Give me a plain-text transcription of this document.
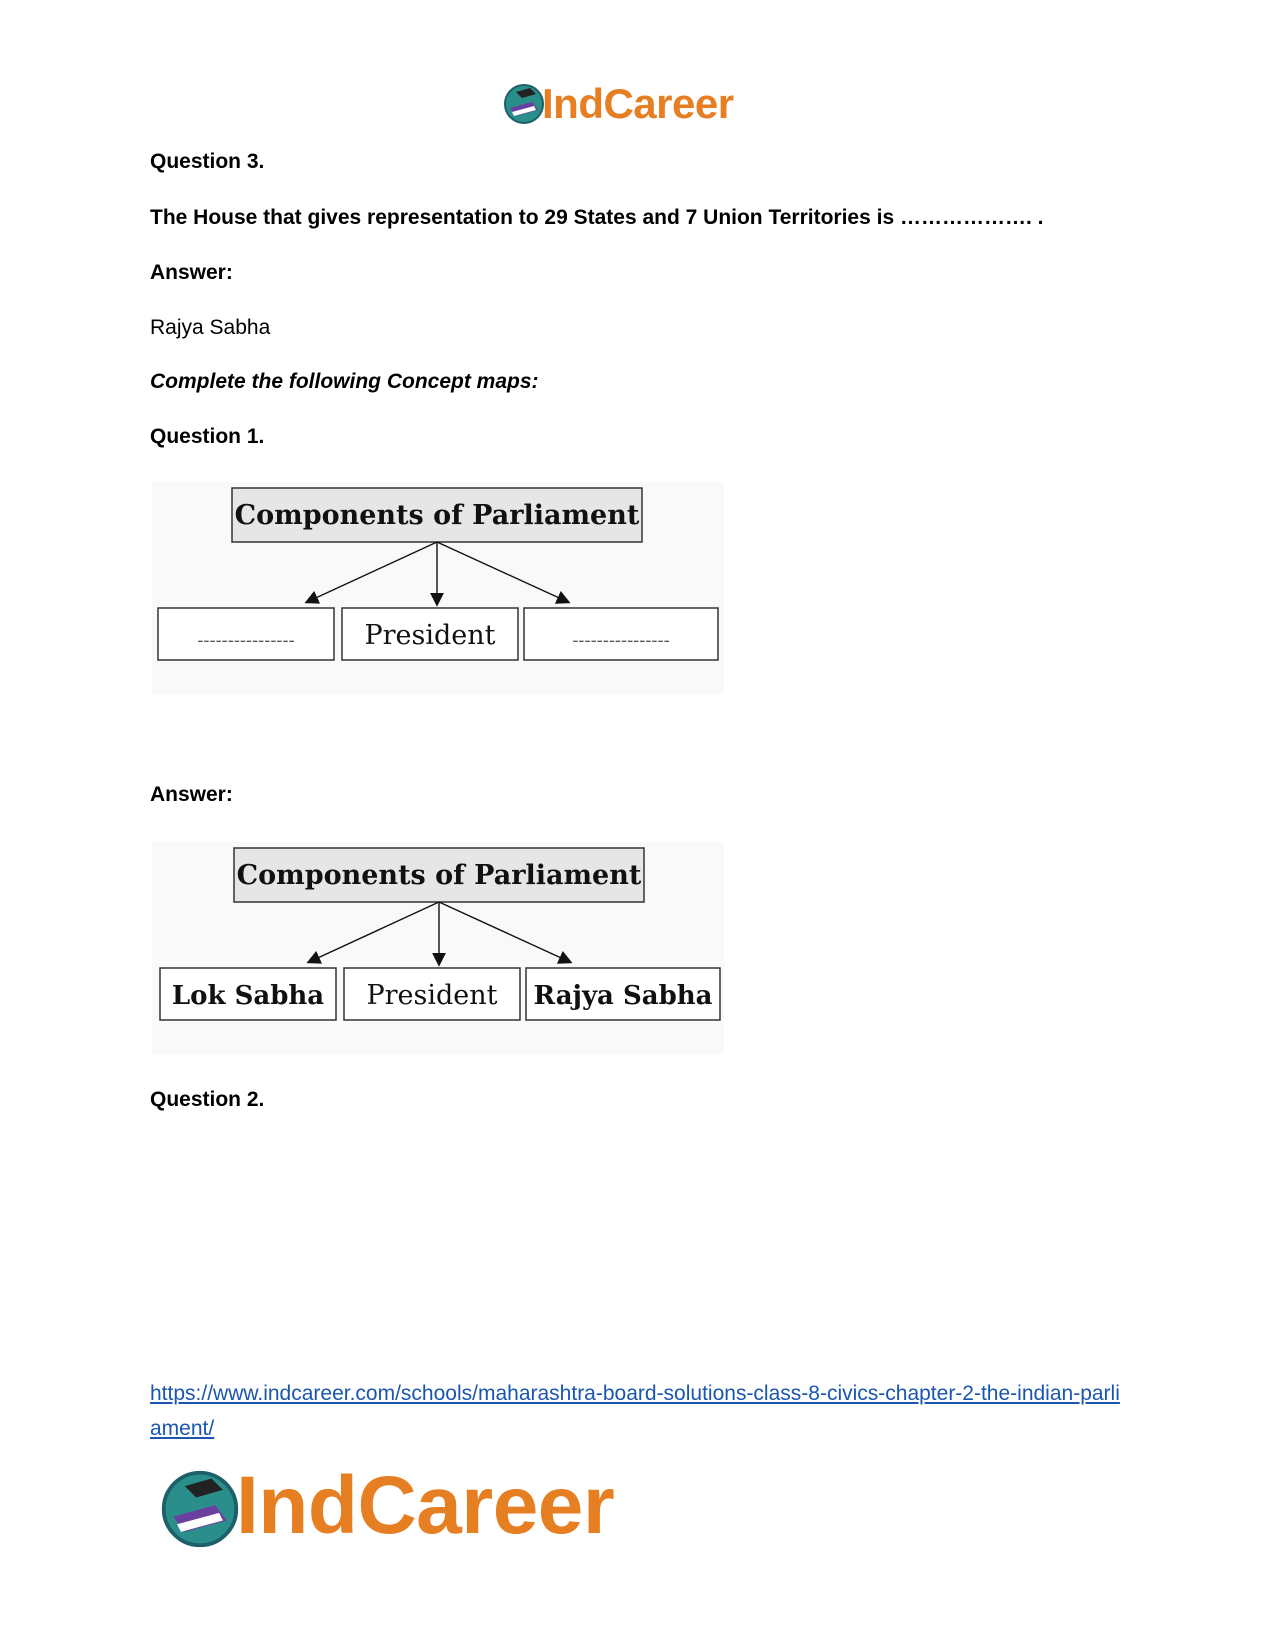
IndCareer
Question 3.
The House that gives representation to 29 States and 7 Union Territories is ………………. .
Answer:
Rajya Sabha
Complete the following Concept maps:
Question 1.
Components of Parliament
----------------	President	----------------
Answer:
Components of Parliament
Lok Sabha President Rajya Sabha
Question 2.
https://www.indcareer.com/schools/maharashtra-board-solutions-class-8-civics-chapter-2-the-indian-parliament/
IndCareer
